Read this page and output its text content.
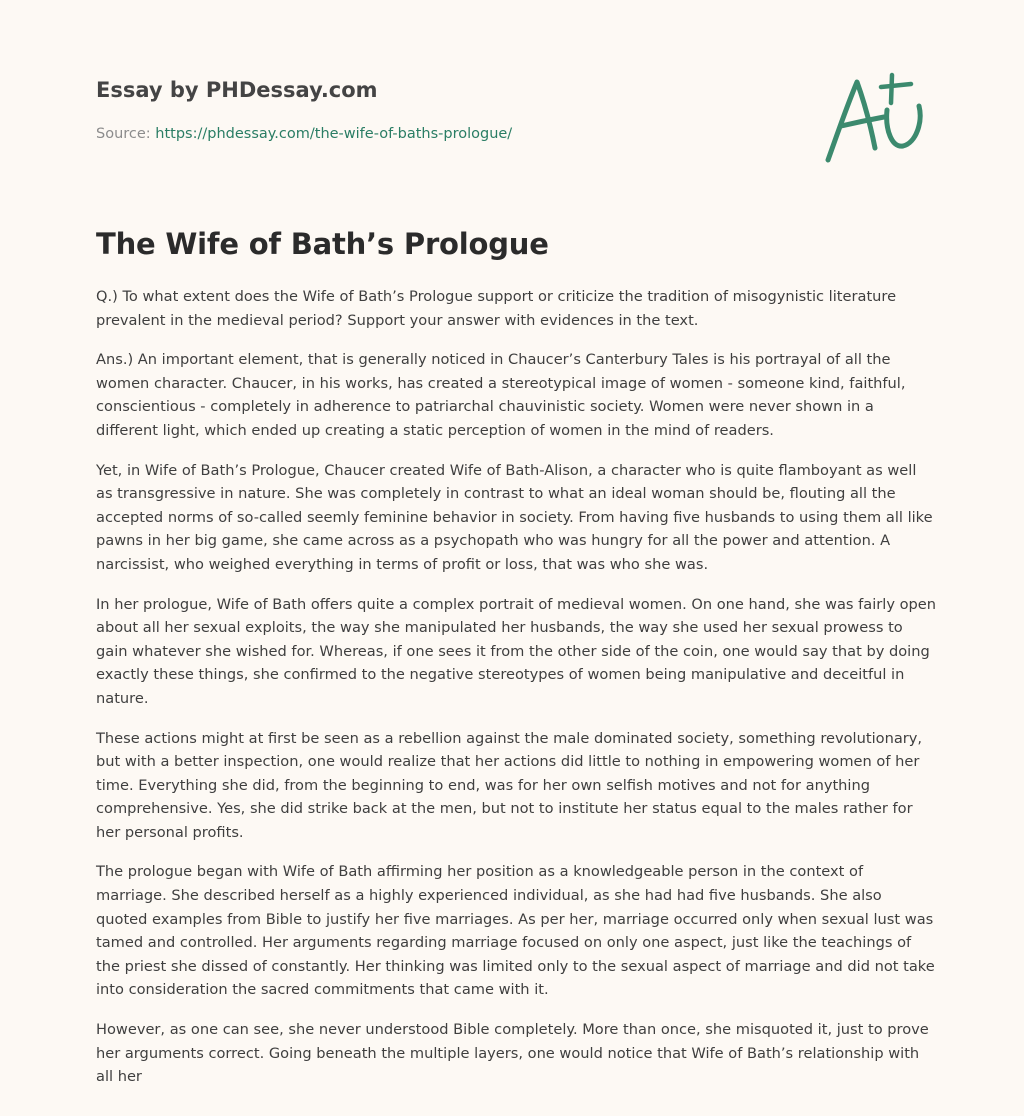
Essay by PHDessay.com
Source: https://phdessay.com/the-wife-of-baths-prologue/
The Wife of Bath’s Prologue

Q.) To what extent does the Wife of Bath’s Prologue support or criticize the tradition of misogynistic literature prevalent in the medieval period? Support your answer with evidences in the text.

Ans.) An important element, that is generally noticed in Chaucer’s Canterbury Tales is his portrayal of all the women character. Chaucer, in his works, has created a stereotypical image of women - someone kind, faithful, conscientious - completely in adherence to patriarchal chauvinistic society. Women were never shown in a different light, which ended up creating a static perception of women in the mind of readers.

Yet, in Wife of Bath’s Prologue, Chaucer created Wife of Bath-Alison, a character who is quite flamboyant as well as transgressive in nature. She was completely in contrast to what an ideal woman should be, flouting all the accepted norms of so-called seemly feminine behavior in society. From having five husbands to using them all like pawns in her big game, she came across as a psychopath who was hungry for all the power and attention. A narcissist, who weighed everything in terms of profit or loss, that was who she was.

In her prologue, Wife of Bath offers quite a complex portrait of medieval women. On one hand, she was fairly open about all her sexual exploits, the way she manipulated her husbands, the way she used her sexual prowess to gain whatever she wished for. Whereas, if one sees it from the other side of the coin, one would say that by doing exactly these things, she confirmed to the negative stereotypes of women being manipulative and deceitful in nature.

These actions might at first be seen as a rebellion against the male dominated society, something revolutionary, but with a better inspection, one would realize that her actions did little to nothing in empowering women of her time. Everything she did, from the beginning to end, was for her own selfish motives and not for anything comprehensive. Yes, she did strike back at the men, but not to institute her status equal to the males rather for her personal profits.

The prologue began with Wife of Bath affirming her position as a knowledgeable person in the context of marriage. She described herself as a highly experienced individual, as she had had five husbands. She also quoted examples from Bible to justify her five marriages. As per her, marriage occurred only when sexual lust was tamed and controlled. Her arguments regarding marriage focused on only one aspect, just like the teachings of the priest she dissed of constantly. Her thinking was limited only to the sexual aspect of marriage and did not take into consideration the sacred commitments that came with it.

However, as one can see, she never understood Bible completely. More than once, she misquoted it, just to prove her arguments correct. Going beneath the multiple layers, one would notice that Wife of Bath’s relationship with all her
